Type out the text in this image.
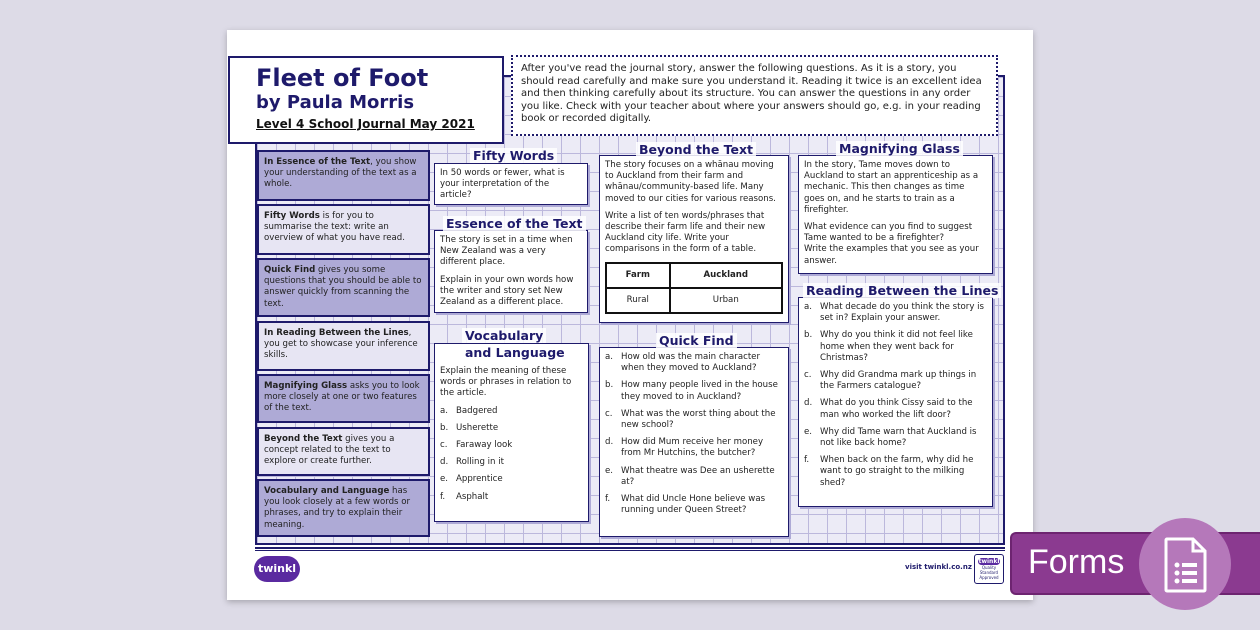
Fleet of Foot
by Paula Morris
Level 4 School Journal May 2021
After you've read the journal story, answer the following questions. As it is a story, you should read carefully and make sure you understand it. Reading it twice is an excellent idea and then thinking carefully about its structure. You can answer the questions in any order you like. Check with your teacher about where your answers should go, e.g. in your reading book or recorded digitally.
In Essence of the Text, you show your understanding of the text as a whole.
Fifty Words is for you to summarise the text: write an overview of what you have read.
Quick Find gives you some questions that you should be able to answer quickly from scanning the text.
In Reading Between the Lines, you get to showcase your inference skills.
Magnifying Glass asks you to look more closely at one or two features of the text.
Beyond the Text gives you a concept related to the text to explore or create further.
Vocabulary and Language has you look closely at a few words or phrases, and try to explain their meaning.
In 50 words or fewer, what is your interpretation of the article?
Fifty Words

The story is set in a time when New Zealand was a very different place.

Explain in your own words how the writer and story set New Zealand as a different place.

Essence of the Text

Explain the meaning of these words or phrases in relation to the article.

a. Badgered
b. Usherette
c. Faraway look
d. Rolling in it
e. Apprentice
f.	Asphalt
Vocabulary
and Language

The story focuses on a whānau moving to Auckland from their farm and whānau/community-based life. Many moved to our cities for various reasons.

Write a list of ten words/phrases that describe their farm life and their new Auckland city life. Write your comparisons in the form of a table.

Farm	Auckland
Rural	Urban
Beyond the Text
a. How old was the main character when they moved to Auckland?
b. How many people lived in the house they moved to in Auckland?
c. What was the worst thing about the new school?
d. How did Mum receive her money from Mr Hutchins, the butcher?
e. What theatre was Dee an usherette at?
f.	What did Uncle Hone believe was running under Queen Street?
Quick Find

In the story, Tame moves down to Auckland to start an apprenticeship as a mechanic. This then changes as time goes on, and he starts to train as a firefighter.

What evidence can you find to suggest Tame wanted to be a firefighter?
Write the examples that you see as your answer.
Magnifying Glass
a. What decade do you think the story is set in? Explain your answer.
b. Why do you think it did not feel like home when they went back for Christmas?
c. Why did Grandma mark up things in the Farmers catalogue?
d. What do you think Cissy said to the man who worked the lift door?
e. Why did Tame warn that Auckland is not like back home?
f.	When back on the farm, why did he want to go straight to the milking shed?
Reading Between the Lines
twinkl	visit twinkl.co.nz
twinkl
Quality Standard Approved Forms
